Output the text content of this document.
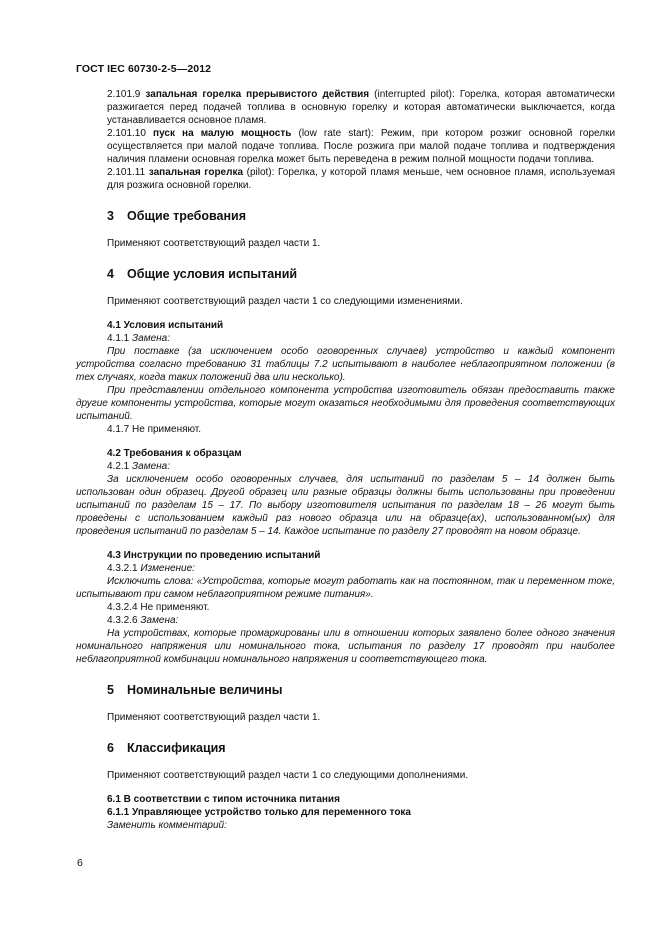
ГОСТ IEC 60730-2-5—2012

2.101.9 запальная горелка прерывистого действия (interrupted pilot): Горелка, которая автоматически разжигается перед подачей топлива в основную горелку и которая автоматически выключается, когда устанавливается основное пламя.

2.101.10 пуск на малую мощность (low rate start): Режим, при котором розжиг основной горелки осуществляется при малой подаче топлива. После розжига при малой подаче топлива и подтверждения наличия пламени основная горелка может быть переведена в режим полной мощности подачи топлива.

2.101.11 запальная горелка (pilot): Горелка, у которой пламя меньше, чем основное пламя, используемая для розжига основной горелки.

3 Общие требования

Применяют соответствующий раздел части 1.

4 Общие условия испытаний

Применяют соответствующий раздел части 1 со следующими изменениями.

4.1 Условия испытаний

4.1.1 Замена:

При поставке (за исключением особо оговоренных случаев) устройство и каждый компонент устройства согласно требованию 31 таблицы 7.2 испытывают в наиболее неблагоприятном положении (в тех случаях, когда таких положений два или несколько).

При представлении отдельного компонента устройства изготовитель обязан предоставить также другие компоненты устройства, которые могут оказаться необходимыми для проведения соответствующих испытаний.

4.1.7 Не применяют.

4.2 Требования к образцам

4.2.1 Замена:

За исключением особо оговоренных случаев, для испытаний по разделам 5 – 14 должен быть использован один образец. Другой образец или разные образцы должны быть использованы при проведении испытаний по разделам 15 – 17. По выбору изготовителя испытания по разделам 18 – 26 могут быть проведены с использованием каждый раз нового образца или на образце(ах), использованном(ых) для проведения испытаний по разделам 5 – 14. Каждое испытание по разделу 27 проводят на новом образце.

4.3 Инструкции по проведению испытаний

4.3.2.1 Изменение:

Исключить слова: «Устройства, которые могут работать как на постоянном, так и переменном токе, испытывают при самом неблагоприятном режиме питания».

4.3.2.4 Не применяют.

4.3.2.6 Замена:

На устройствах, которые промаркированы или в отношении которых заявлено более одного значения номинального напряжения или номинального тока, испытания по разделу 17 проводят при наиболее неблагоприятной комбинации номинального напряжения и соответствующего тока.

5 Номинальные величины

Применяют соответствующий раздел части 1.

6 Классификация

Применяют соответствующий раздел части 1 со следующими дополнениями.

6.1 В соответствии с типом источника питания
6.1.1 Управляющее устройство только для переменного тока

Заменить комментарий:

6
